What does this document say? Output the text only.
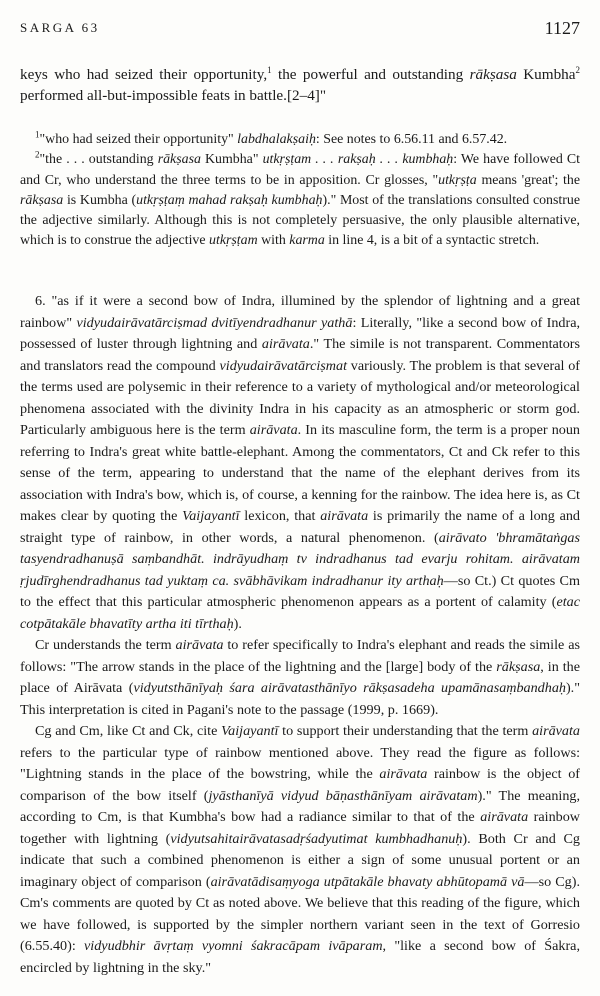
SARGA 63	1127

keys who had seized their opportunity,$^1$ the powerful and outstanding rākṣasa Kumbha$^2$ performed all-but-impossible feats in battle.[2–4]"

$^1$"who had seized their opportunity" labdhalakṣaiḥ: See notes to 6.56.11 and 6.57.42.

$^2$"the . . . outstanding rākṣasa Kumbha" utkṛṣṭam . . . rakṣaḥ . . . kumbhaḥ: We have followed Ct and Cr, who understand the three terms to be in apposition. Cr glosses, "utkṛṣṭa means 'great'; the rākṣasa is Kumbha (utkṛṣṭaṃ mahad rakṣaḥ kumbhaḥ)." Most of the translations consulted construe the adjective similarly. Although this is not completely persuasive, the only plausible alternative, which is to construe the adjective utkṛṣṭam with karma in line 4, is a bit of a syntactic stretch.

6. "as if it were a second bow of Indra, illumined by the splendor of lightning and a great rainbow" vidyudairāvatārciṣmad dvitīyendradhanur yathā: Literally, "like a second bow of Indra, possessed of luster through lightning and airāvata." The simile is not transparent. Commentators and translators read the compound vidyudairāvatārciṣmat variously. The problem is that several of the terms used are polysemic in their reference to a variety of mythological and/or meteorological phenomena associated with the divinity Indra in his capacity as an atmospheric or storm god. Particularly ambiguous here is the term airāvata. In its masculine form, the term is a proper noun referring to Indra's great white battle-elephant. Among the commentators, Ct and Ck refer to this sense of the term, appearing to understand that the name of the elephant derives from its association with Indra's bow, which is, of course, a kenning for the rainbow. The idea here is, as Ct makes clear by quoting the Vaijayantī lexicon, that airāvata is primarily the name of a long and straight type of rainbow, in other words, a natural phenomenon. (airāvato 'bhramātaṅgas tasyendradhanuṣā saṃbandhāt. indrāyudhaṃ tv indradhanus tad evarju rohitam. airāvatam ṛjudīrghendradhanus tad yuktaṃ ca. svābhāvikam indradhanur ity arthaḥ—so Ct.) Ct quotes Cm to the effect that this particular atmospheric phenomenon appears as a portent of calamity (etac cotpātakāle bhavatīty artha iti tīrthaḥ).

Cr understands the term airāvata to refer specifically to Indra's elephant and reads the simile as follows: "The arrow stands in the place of the lightning and the [large] body of the rākṣasa, in the place of Airāvata (vidyutsthānīyaḥ śara airāvatasthānīyo rākṣasadeha upamānasaṃbandhaḥ)." This interpretation is cited in Pagani's note to the passage (1999, p. 1669).

Cg and Cm, like Ct and Ck, cite Vaijayantī to support their understanding that the term airāvata refers to the particular type of rainbow mentioned above. They read the figure as follows: "Lightning stands in the place of the bowstring, while the airāvata rainbow is the object of comparison of the bow itself (jyāsthanīyā vidyud bāṇasthānīyam airāvatam)." The meaning, according to Cm, is that Kumbha's bow had a radiance similar to that of the airāvata rainbow together with lightning (vidyutsahitairāvatasadṛśadyutimat kumbhadhanuḥ). Both Cr and Cg indicate that such a combined phenomenon is either a sign of some unusual portent or an imaginary object of comparison (airāvatādisaṃyoga utpātakāle bhavaty abhūtopamā vā—so Cg). Cm's comments are quoted by Ct as noted above. We believe that this reading of the figure, which we have followed, is supported by the simpler northern variant seen in the text of Gorresio (6.55.40): vidyudbhir āvṛtaṃ vyomni śakracāpam ivāparam, "like a second bow of Śakra, encircled by lightning in the sky."
